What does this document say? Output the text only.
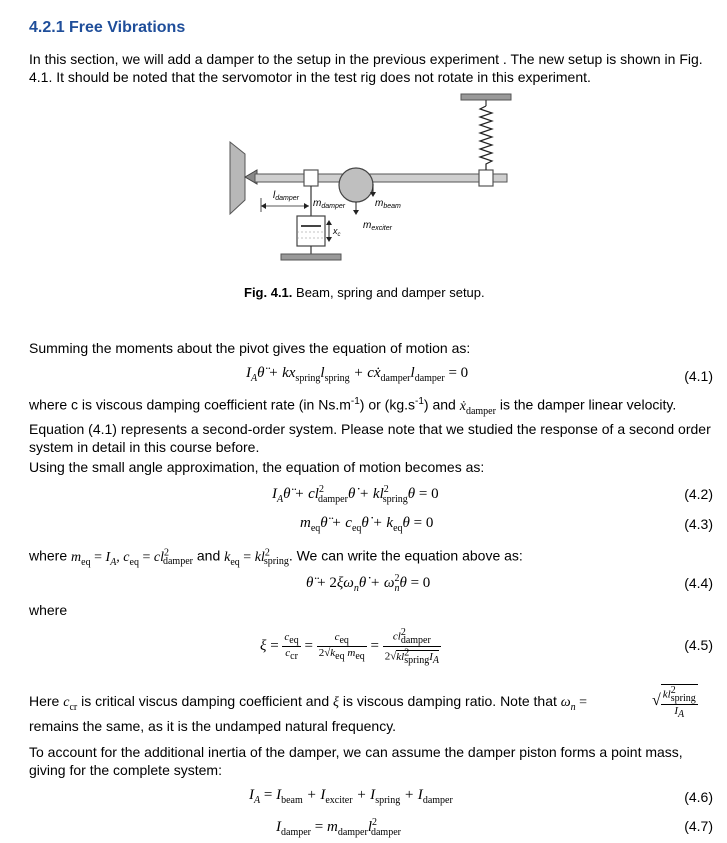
4.2.1 Free Vibrations
In this section, we will add a damper to the setup in the previous experiment . The new setup is shown in Fig. 4.1. It should be noted that the servomotor in the test rig does not rotate in this experiment.
$l_{damper}$ $m_{damper}$	$m_{beam}$
$m_{exciter}$
$x_c$
Fig. 4.1. Beam, spring and damper setup.
Summing the moments about the pivot gives the equation of motion as:
$I_A\thetä + kx_{spring}l_{spring}$ + $cẋ_{damper}l_{damper} = 0$	(4.1)
where c is viscous damping coefficient rate (in $Ns.m^{-1}$) or $(kg.s^{-1})$ and ẋ$_{damper}$ is the damper linear velocity. Equation (4.1) represents a second-order system. Please note that we studied the response of a second order system in detail in this course before.
Using the small angle approximation, the equation of motion becomes as:
$I_A\thetä$ + $cl^2_{damper}\thetȧ + kl^2_{spring}\theta = 0$	(4.2)
$m_{eq}\thetä$ + $c_{eq}\thetȧ + k_{eq}\theta = 0$	(4.3)
where $m_{eq} = I_A$, $c_{eq} = cl^2_{damper}$ and $k_{eq} = kl^2_{spring}$. We can write the equation above as:
θ̈ + $2\xi\omega_n\thetȧ + \omega_n^2\theta = 0$	(4.4)
where
$\xi = \frac{c_{eq}}{c_{cr}} = \frac{c_{eq}}{2√k_{eq} m_{eq}} = \frac{cl^2_{damper}}{2√kl^2_{spring}I_A}$	(4.5)
Here $c_{cr}$ is critical viscus damping coefficient and ξ is viscous damping ratio. Note that $\omega_n$ =	√ $\frac{kl^2_{spring}}{I_A}$
remains the same, as it is the undamped natural frequency.
To account for the additional inertia of the damper, we can assume the damper piston forms a point mass, giving for the complete system:
$I_A = I_{beam} + I_{exciter} + I_{spring} + I_{damper}$	(4.6)
$I_{damper} = m_{damper}l^2_{damper}$	(4.7)
